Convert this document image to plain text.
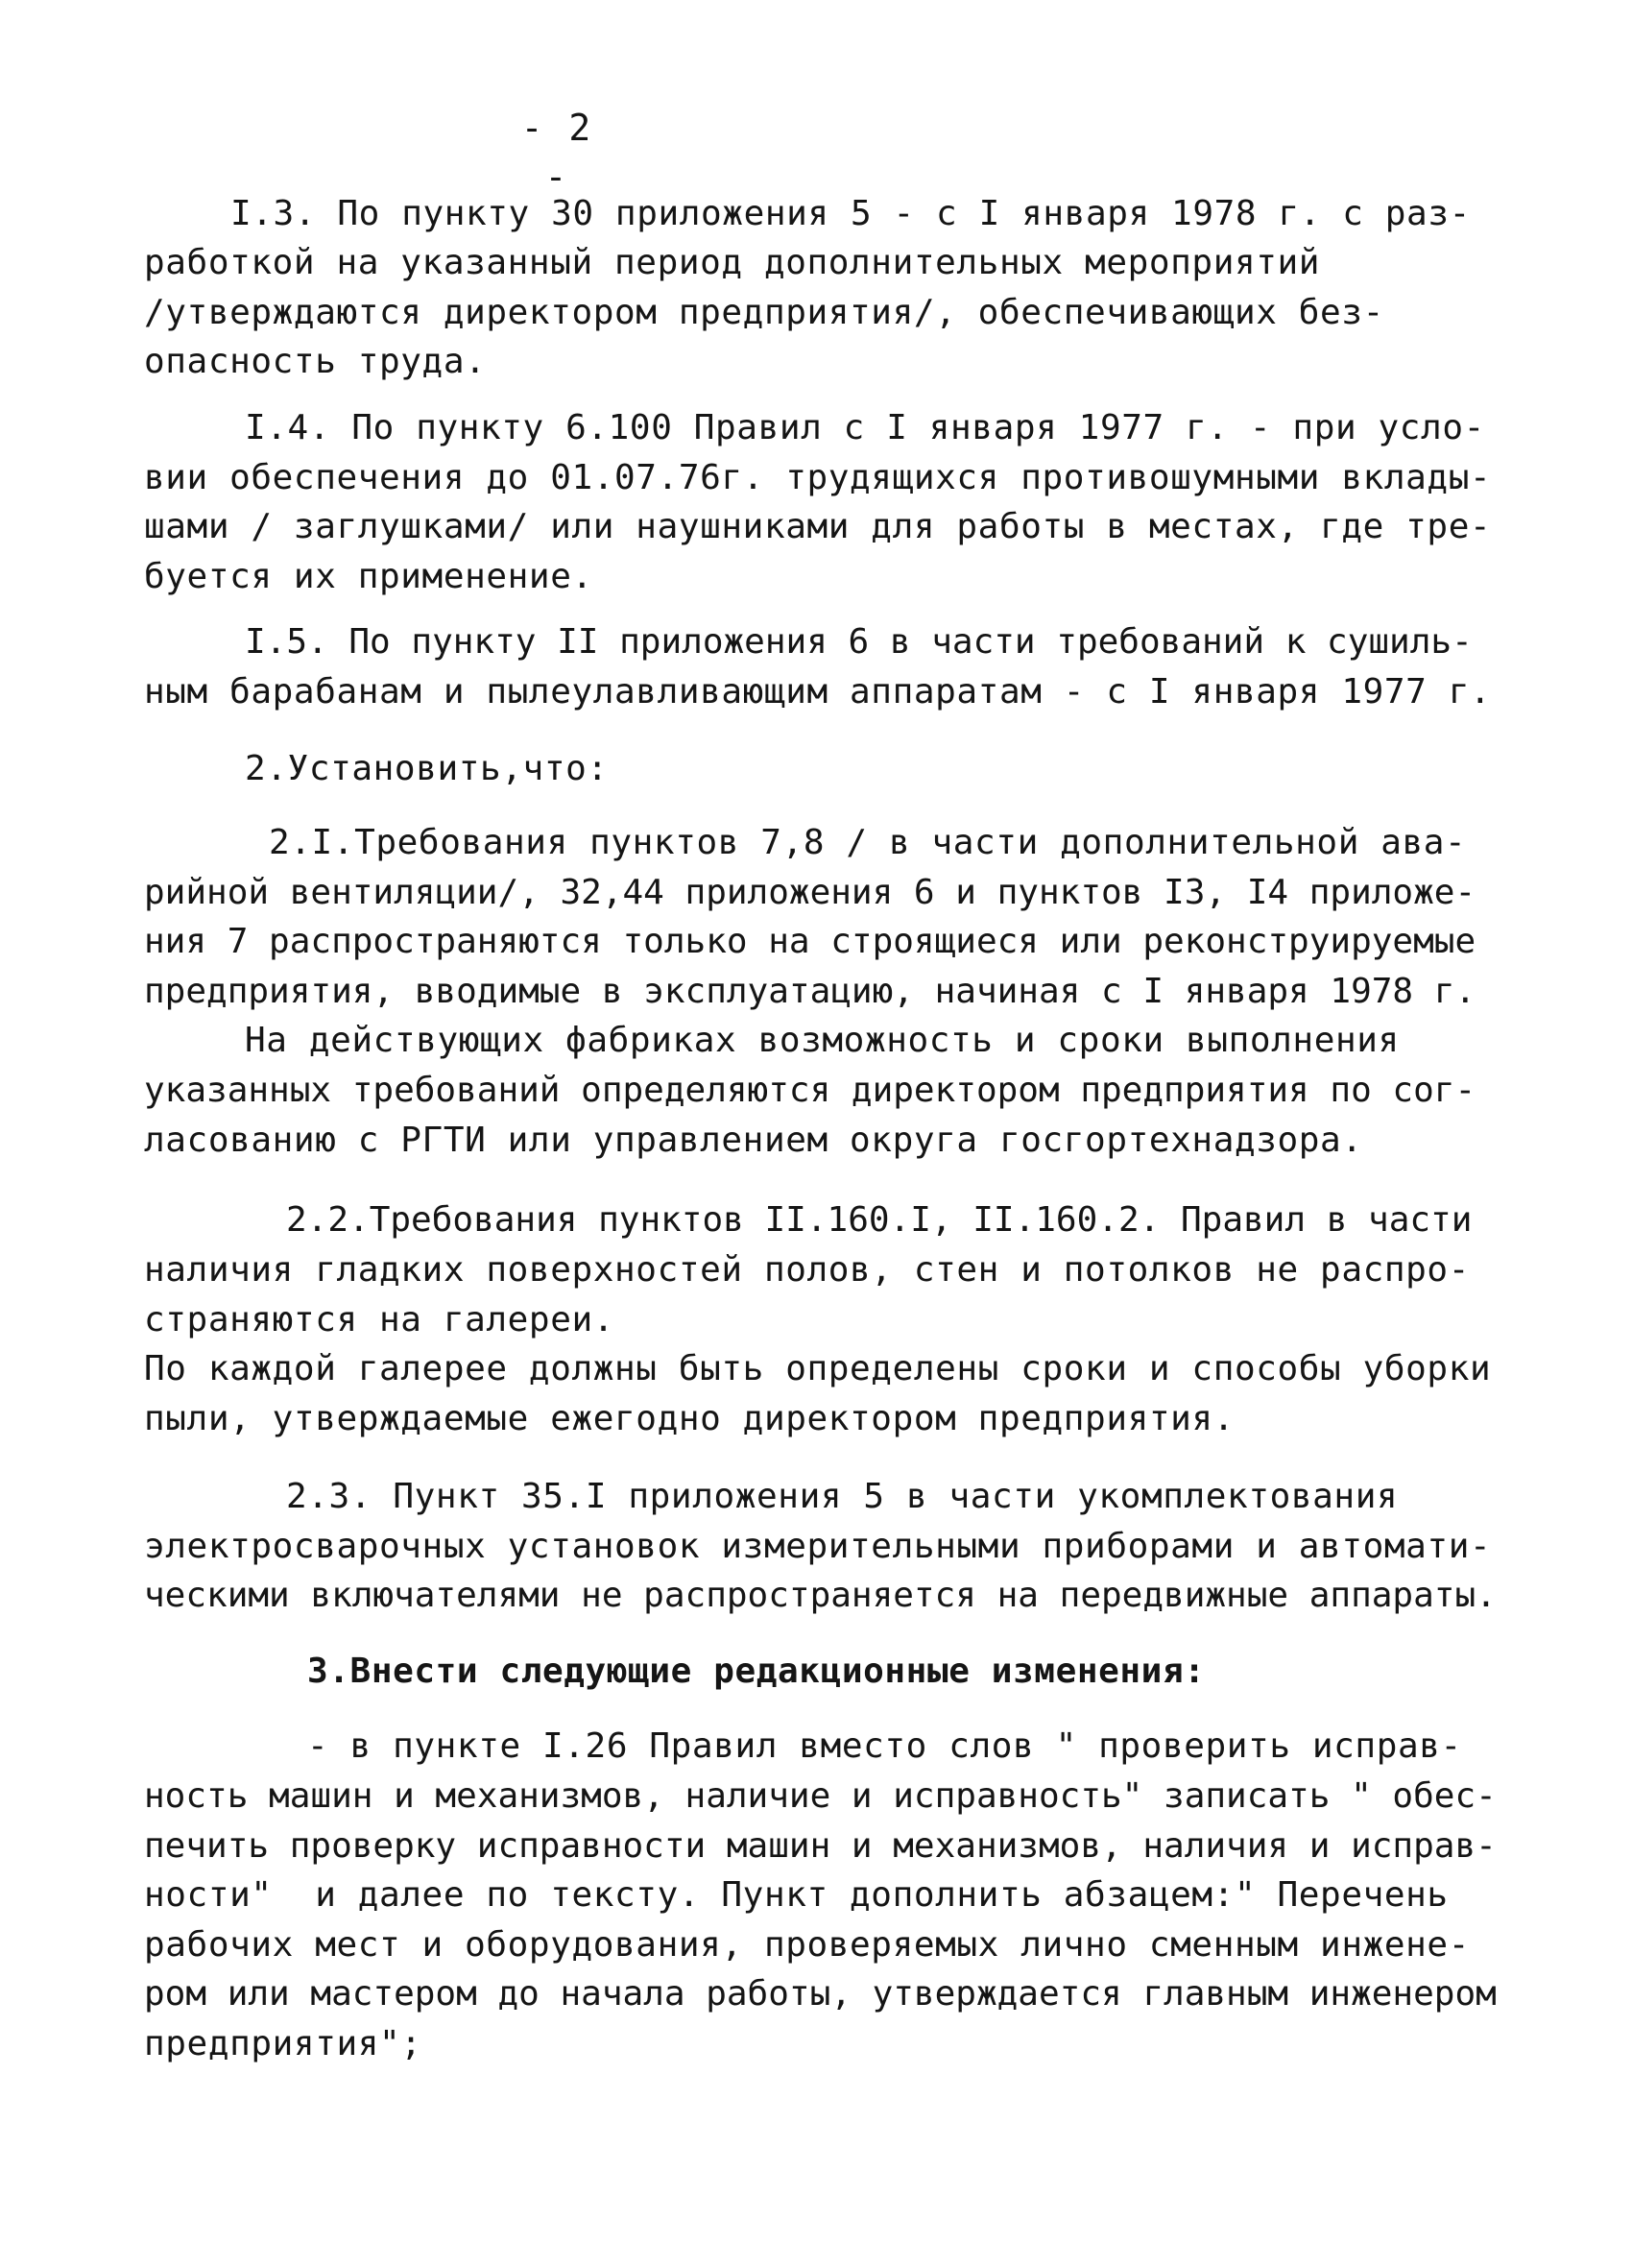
- 2 -
I.3. По пункту 30 приложения 5 - с I января 1978 г. с раз-
работкой на указанный период дополнительных мероприятий
/утверждаются директором предприятия/, обеспечивающих без-
опасность труда.
I.4. По пункту 6.100 Правил с I января 1977 г. - при усло-
вии обеспечения до 01.07.76г. трудящихся противошумными вклады-
шами / заглушками/ или наушниками для работы в местах, где тре-
буется их применение.
I.5. По пункту II приложения 6 в части требований к сушиль-
ным барабанам и пылеулавливающим аппаратам - с I января 1977 г.
2.Установить,что:
2.I.Требования пунктов 7,8 / в части дополнительной ава-
рийной вентиляции/, 32,44 приложения 6 и пунктов I3, I4 приложе-
ния 7 распространяются только на строящиеся или реконструируемые
предприятия, вводимые в эксплуатацию, начиная с I января 1978 г.
На действующих фабриках возможность и сроки выполнения
указанных требований определяются директором предприятия по сог-
ласованию с РГТИ или управлением округа госгортехнадзора.
2.2.Требования пунктов II.160.I, II.160.2. Правил в части
наличия гладких поверхностей полов, стен и потолков не распро-
страняются на галереи.
По каждой галерее должны быть определены сроки и способы уборки
пыли, утверждаемые ежегодно директором предприятия.
2.3. Пункт 35.I приложения 5 в части укомплектования
электросварочных установок измерительными приборами и автомати-
ческими включателями не распространяется на передвижные аппараты.
3.Внести следующие редакционные изменения:
- в пункте I.26 Правил вместо слов " проверить исправ-
ность машин и механизмов, наличие и исправность" записать " обес-
печить проверку исправности машин и механизмов, наличия и исправ-
ности"  и далее по тексту. Пункт дополнить абзацем:" Перечень
рабочих мест и оборудования, проверяемых лично сменным инжене-
ром или мастером до начала работы, утверждается главным инженером
предприятия";
